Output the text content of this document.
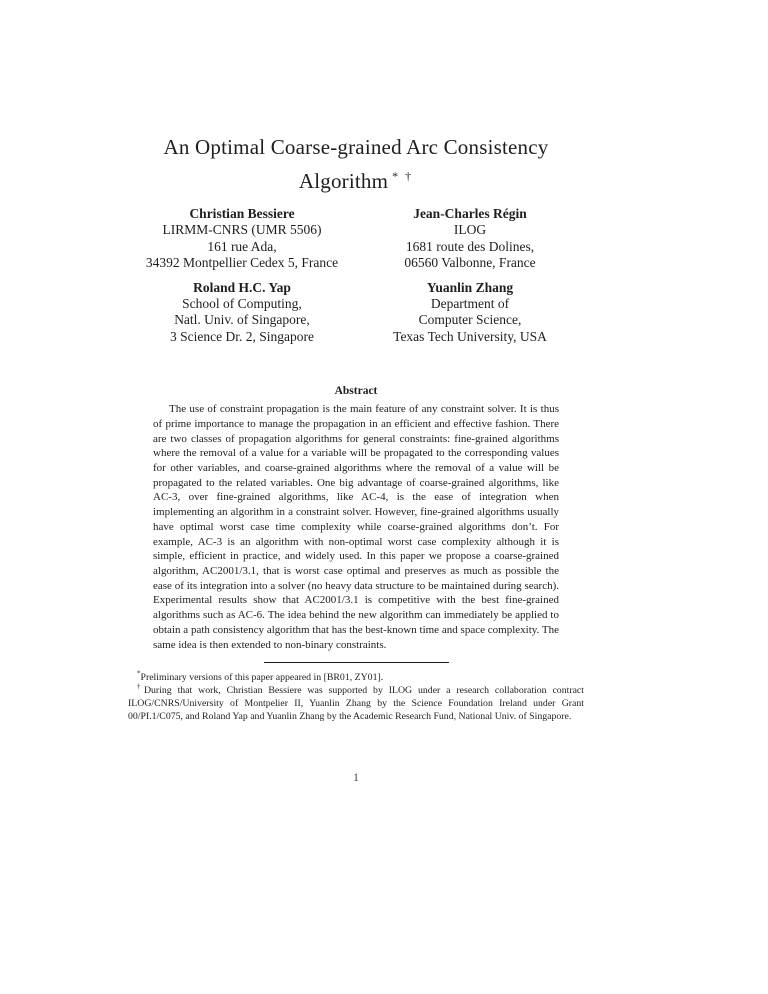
An Optimal Coarse-grained Arc Consistency
Algorithm * †
Christian Bessiere
LIRMM-CNRS (UMR 5506)
161 rue Ada,
34392 Montpellier Cedex 5, France
Jean-Charles Régin
ILOG
1681 route des Dolines,
06560 Valbonne, France
Roland H.C. Yap
School of Computing,
Natl. Univ. of Singapore,
3 Science Dr. 2, Singapore
Yuanlin Zhang
Department of
Computer Science,
Texas Tech University, USA
Abstract

The use of constraint propagation is the main feature of any constraint solver. It is thus of prime importance to manage the propagation in an efficient and effective fashion. There are two classes of propagation algorithms for general constraints: fine-grained algorithms where the removal of a value for a variable will be propagated to the corresponding values for other variables, and coarse-grained algorithms where the removal of a value will be propagated to the related variables. One big advantage of coarse-grained algorithms, like AC-3, over fine-grained algorithms, like AC-4, is the ease of integration when implementing an algorithm in a constraint solver. However, fine-grained algorithms usually have optimal worst case time complexity while coarse-grained algorithms don’t. For example, AC-3 is an algorithm with non-optimal worst case complexity although it is simple, efficient in practice, and widely used. In this paper we propose a coarse-grained algorithm, AC2001/3.1, that is worst case optimal and preserves as much as possible the ease of its integration into a solver (no heavy data structure to be maintained during search). Experimental results show that AC2001/3.1 is competitive with the best fine-grained algorithms such as AC-6. The idea behind the new algorithm can immediately be applied to obtain a path consistency algorithm that has the best-known time and space complexity. The same idea is then extended to non-binary constraints.

*Preliminary versions of this paper appeared in [BR01, ZY01].

†During that work, Christian Bessiere was supported by ILOG under a research collaboration contract ILOG/CNRS/University of Montpelier II, Yuanlin Zhang by the Science Foundation Ireland under Grant 00/PI.1/C075, and Roland Yap and Yuanlin Zhang by the Academic Research Fund, National Univ. of Singapore.

1
